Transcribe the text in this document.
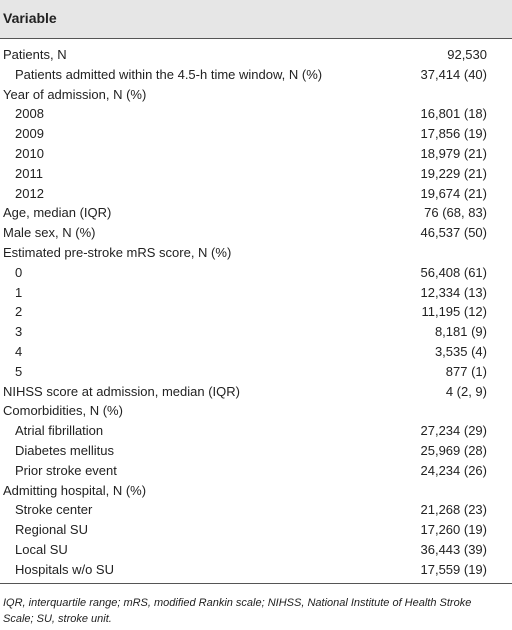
Variable
Patients, N	92,530
Patients admitted within the 4.5-h time window, N (%)	37,414 (40)
Year of admission, N (%)
2008	16,801 (18)
2009	17,856 (19)
2010	18,979 (21)
2011	19,229 (21)
2012	19,674 (21)
Age, median (IQR)	76 (68, 83)
Male sex, N (%)	46,537 (50)
Estimated pre-stroke mRS score, N (%)
0	56,408 (61)
1	12,334 (13)
2	11,195 (12)
3	8,181 (9)
4	3,535 (4)
5	877 (1)
NIHSS score at admission, median (IQR)	4 (2, 9)
Comorbidities, N (%)
Atrial fibrillation	27,234 (29)
Diabetes mellitus	25,969 (28)
Prior stroke event	24,234 (26)
Admitting hospital, N (%)
Stroke center	21,268 (23)
Regional SU	17,260 (19)
Local SU	36,443 (39)
Hospitals w/o SU	17,559 (19)
IQR, interquartile range; mRS, modified Rankin scale; NIHSS, National Institute of Health Stroke Scale; SU, stroke unit.
